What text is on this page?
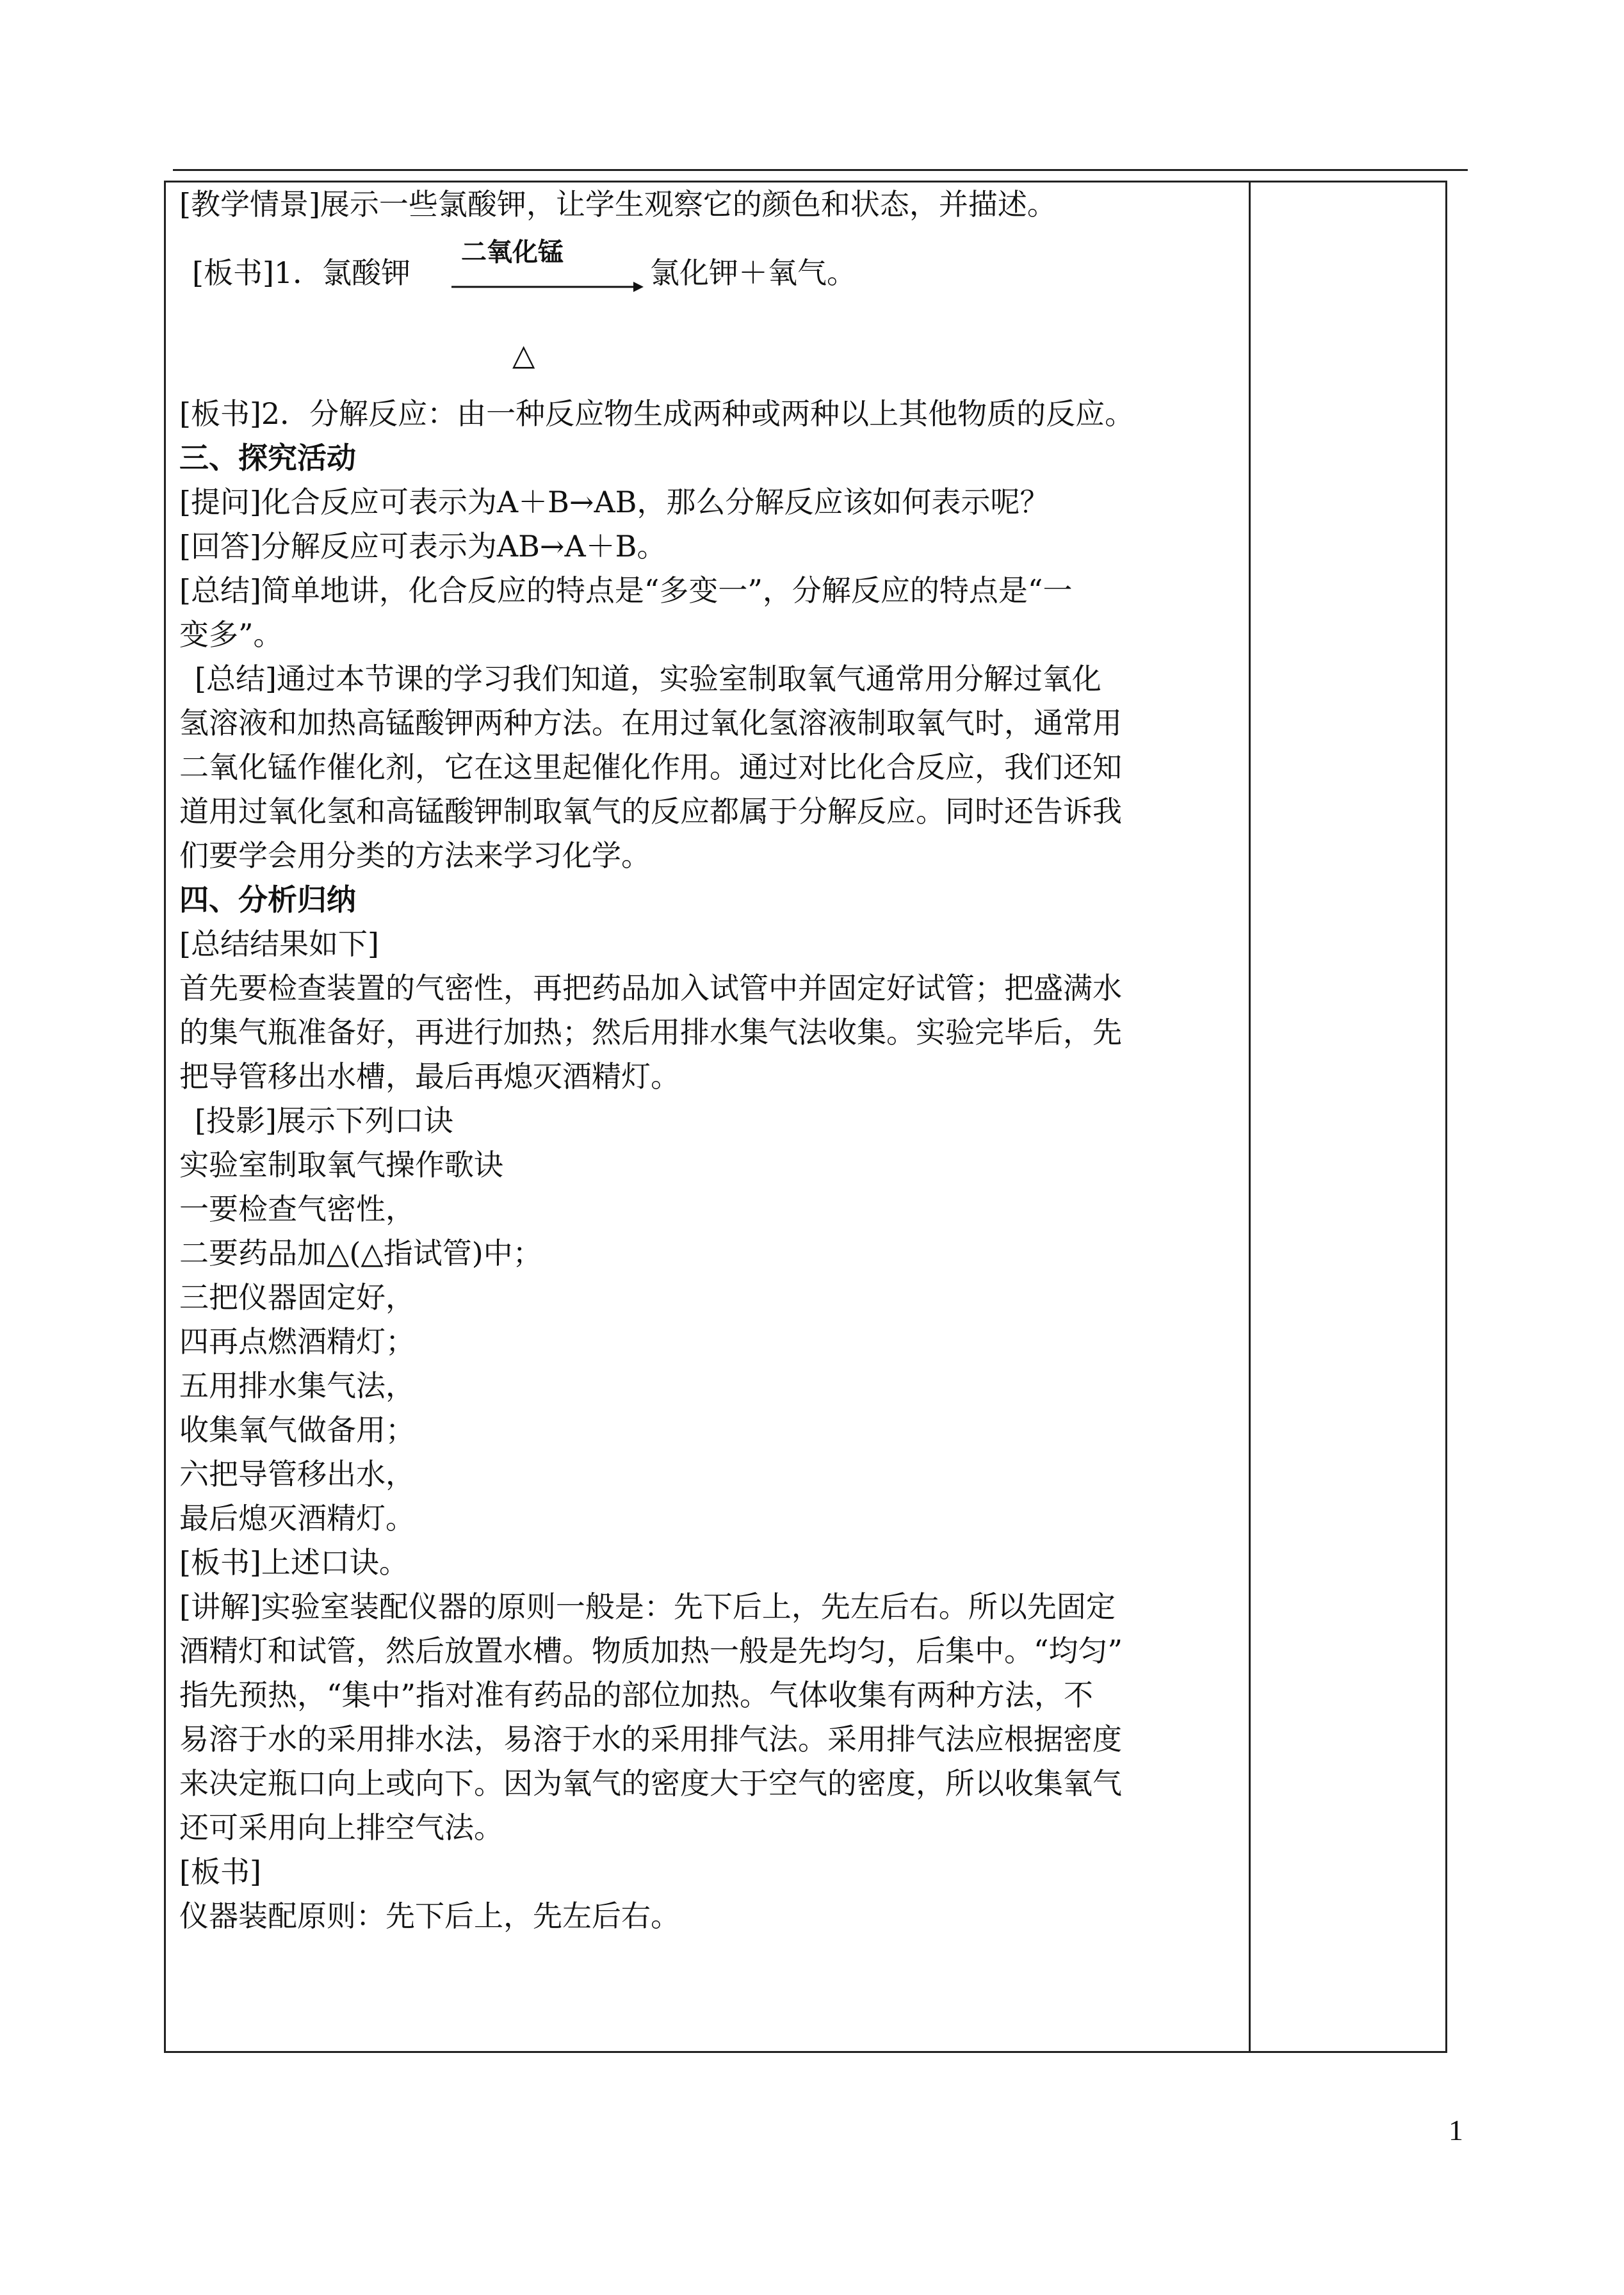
[教学情景]展示一些氯酸钾，让学生观察它的颜色和状态，并描述。

[板书]1．氯酸钾
二氧化锰
氯化钾＋氧气。
△

[板书]2．分解反应：由一种反应物生成两种或两种以上其他物质的反应。

三、探究活动

[提问]化合反应可表示为A＋B→AB，那么分解反应该如何表示呢？

[回答]分解反应可表示为AB→A＋B。

[总结]简单地讲，化合反应的特点是“多变一”，分解反应的特点是“一

变多”。

[总结]通过本节课的学习我们知道，实验室制取氧气通常用分解过氧化

氢溶液和加热高锰酸钾两种方法。在用过氧化氢溶液制取氧气时，通常用

二氧化锰作催化剂，它在这里起催化作用。通过对比化合反应，我们还知

道用过氧化氢和高锰酸钾制取氧气的反应都属于分解反应。同时还告诉我

们要学会用分类的方法来学习化学。

四、分析归纳

[总结结果如下]

首先要检查装置的气密性，再把药品加入试管中并固定好试管；把盛满水

的集气瓶准备好，再进行加热；然后用排水集气法收集。实验完毕后，先

把导管移出水槽，最后再熄灭酒精灯。

[投影]展示下列口诀

实验室制取氧气操作歌诀

一要检查气密性，

二要药品加△(△指试管)中；

三把仪器固定好，

四再点燃酒精灯；

五用排水集气法，

收集氧气做备用；

六把导管移出水，

最后熄灭酒精灯。

[板书]上述口诀。

[讲解]实验室装配仪器的原则一般是：先下后上，先左后右。所以先固定

酒精灯和试管，然后放置水槽。物质加热一般是先均匀，后集中。“均匀”

指先预热，“集中”指对准有药品的部位加热。气体收集有两种方法，不

易溶于水的采用排水法，易溶于水的采用排气法。采用排气法应根据密度

来决定瓶口向上或向下。因为氧气的密度大于空气的密度，所以收集氧气

还可采用向上排空气法。

[板书]

仪器装配原则：先下后上，先左后右。

1
